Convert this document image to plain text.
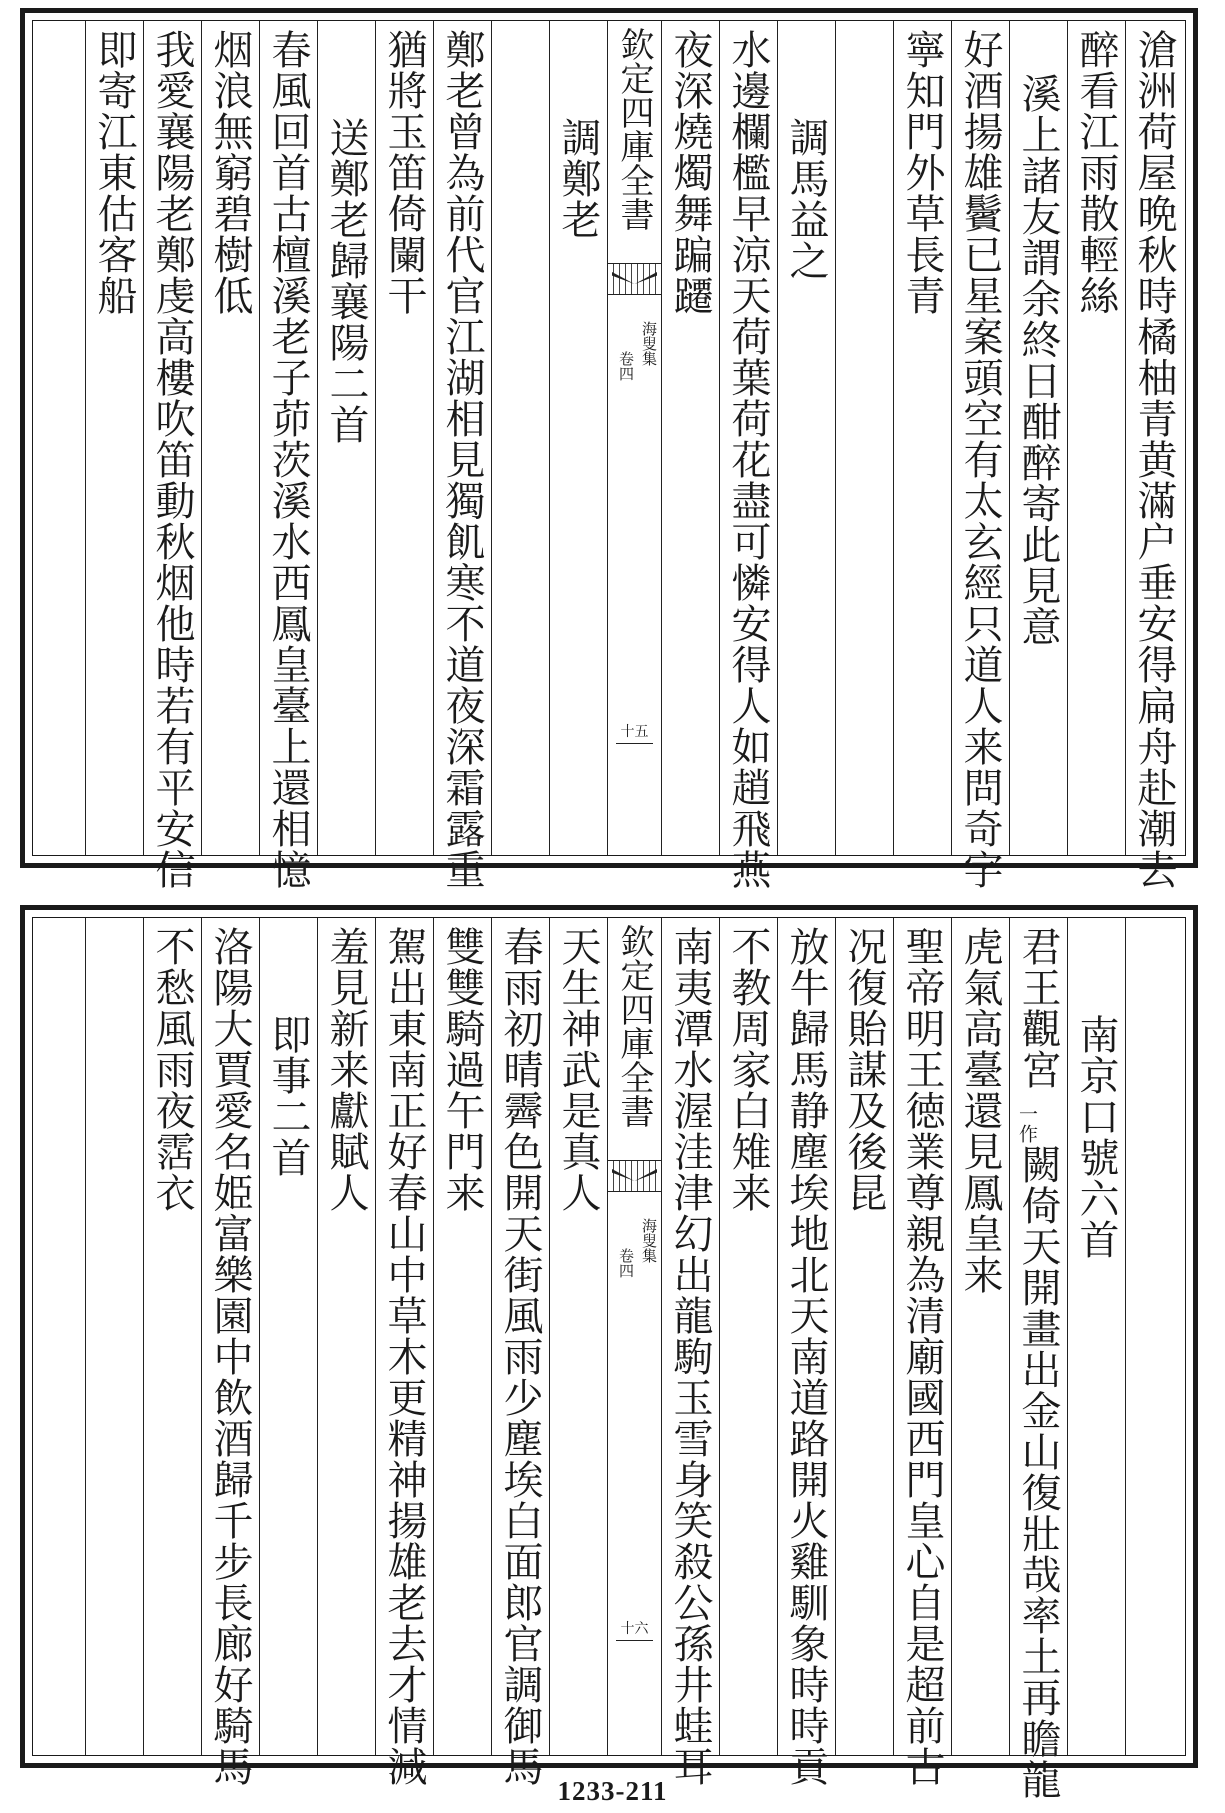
滄洲荷屋晩秋時橘柚青黄滿户垂安得扁舟赴潮去
醉看江雨散輕絲
溪上諸友謂余終日酣醉寄此見意
好酒揚雄鬢已星案頭空有太玄經只道人来問奇字
寧知門外草長青
調馬益之
水邊欄檻早涼天荷葉荷花盡可憐安得人如趙飛燕
夜深燒燭舞蹁躚
欽定四庫全書
海叟集
卷四
十五
調鄭老
鄭老曾為前代官江湖相見獨飢寒不道夜深霜露重
猶將玉笛倚闌干
送鄭老歸襄陽二首
春風回首古檀溪老子茆茨溪水西鳳皇臺上還相憶
烟浪無窮碧樹低
我愛襄陽老鄭虔高樓吹笛動秋烟他時若有平安信
即寄江東估客船
南京口號六首
君王觀宮
一作
闕倚天開畫出金山復壯哉率土再瞻龍
虎氣高臺還見鳳皇来
聖帝明王徳業尊親為清廟國西門皇心自是超前古
况復貽謀及後昆
放牛歸馬静塵埃地北天南道路開火雞馴象時時貢
不教周家白雉来
南夷潭水渥洼津幻出龍駒玉雪身笑殺公孫井蛙耳
欽定四庫全書
海叟集
卷四
十六
天生神武是真人
春雨初晴霽色開天街風雨少塵埃白面郎官調御馬
雙雙騎過午門来
駕出東南正好春山中草木更精神揚雄老去才情減
羞見新来獻賦人
即事二首
洛陽大賈愛名姫富樂園中飲酒歸千步長廊好騎馬
不愁風雨夜霑衣
1233-211
